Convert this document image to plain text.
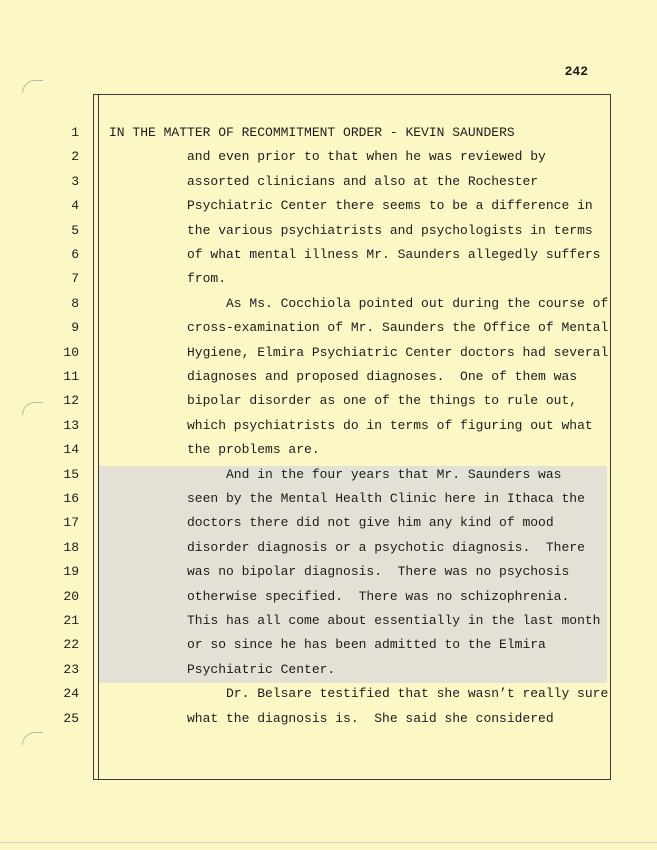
242
1 IN THE MATTER OF RECOMMITMENT ORDER - KEVIN SAUNDERS
2	and even prior to that when he was reviewed by
3	assorted clinicians and also at the Rochester
4	Psychiatric Center there seems to be a difference in
5	the various psychiatrists and psychologists in terms
6	of what mental illness Mr. Saunders allegedly suffers
7	from.
8	As Ms. Cocchiola pointed out during the course of
9	cross-examination of Mr. Saunders the Office of Mental
10	Hygiene, Elmira Psychiatric Center doctors had several
11	diagnoses and proposed diagnoses.  One of them was
12	bipolar disorder as one of the things to rule out,
13	which psychiatrists do in terms of figuring out what
14	the problems are.
15	And in the four years that Mr. Saunders was
16	seen by the Mental Health Clinic here in Ithaca the
17	doctors there did not give him any kind of mood
18	disorder diagnosis or a psychotic diagnosis.  There
19	was no bipolar diagnosis.  There was no psychosis
20	otherwise specified.  There was no schizophrenia.
21	This has all come about essentially in the last month
22	or so since he has been admitted to the Elmira
23	Psychiatric Center.
24	Dr. Belsare testified that she wasn’t really sure
25	what the diagnosis is.  She said she considered
